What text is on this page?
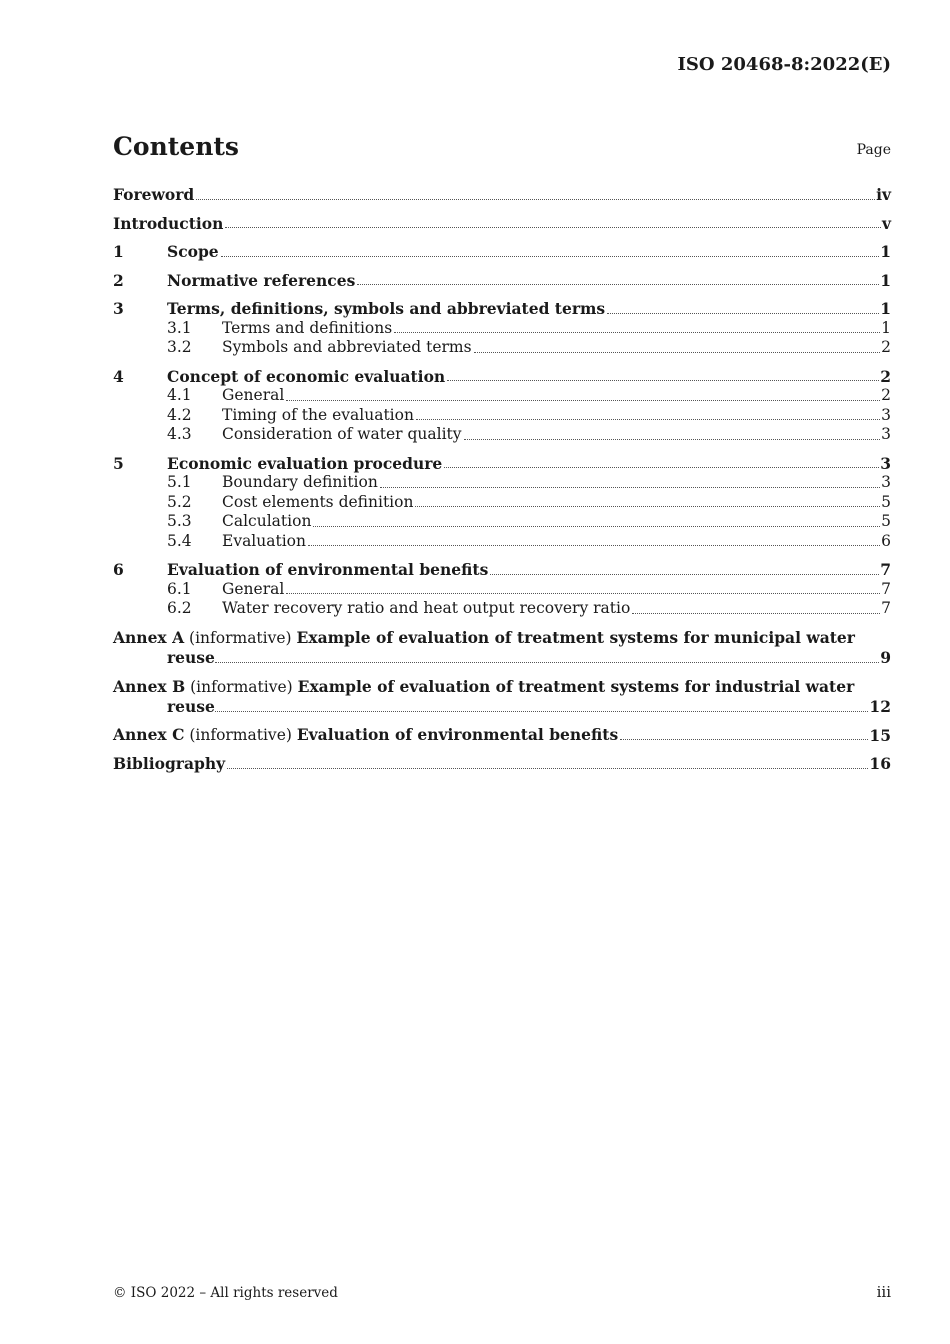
ISO 20468-8:2022(E)
Contents	Page
Foreword	iv
Introduction	v
1	Scope	1
2	Normative references	1
3	Terms, definitions, symbols and abbreviated terms	1
3.1	Terms and definitions	1
3.2	Symbols and abbreviated terms	2
4	Concept of economic evaluation	2
4.1	General	2
4.2	Timing of the evaluation	3
4.3	Consideration of water quality	3
5	Economic evaluation procedure	3
5.1	Boundary definition	3
5.2	Cost elements definition	5
5.3	Calculation	5
5.4	Evaluation	6
6	Evaluation of environmental benefits	7
6.1	General	7
6.2	Water recovery ratio and heat output recovery ratio	7
Annex A (informative) Example of evaluation of treatment systems for municipal water
reuse	9
Annex B (informative) Example of evaluation of treatment systems for industrial water
reuse	12
Annex C (informative) Evaluation of environmental benefits	15
Bibliography	16
© ISO 2022 – All rights reserved	iii
